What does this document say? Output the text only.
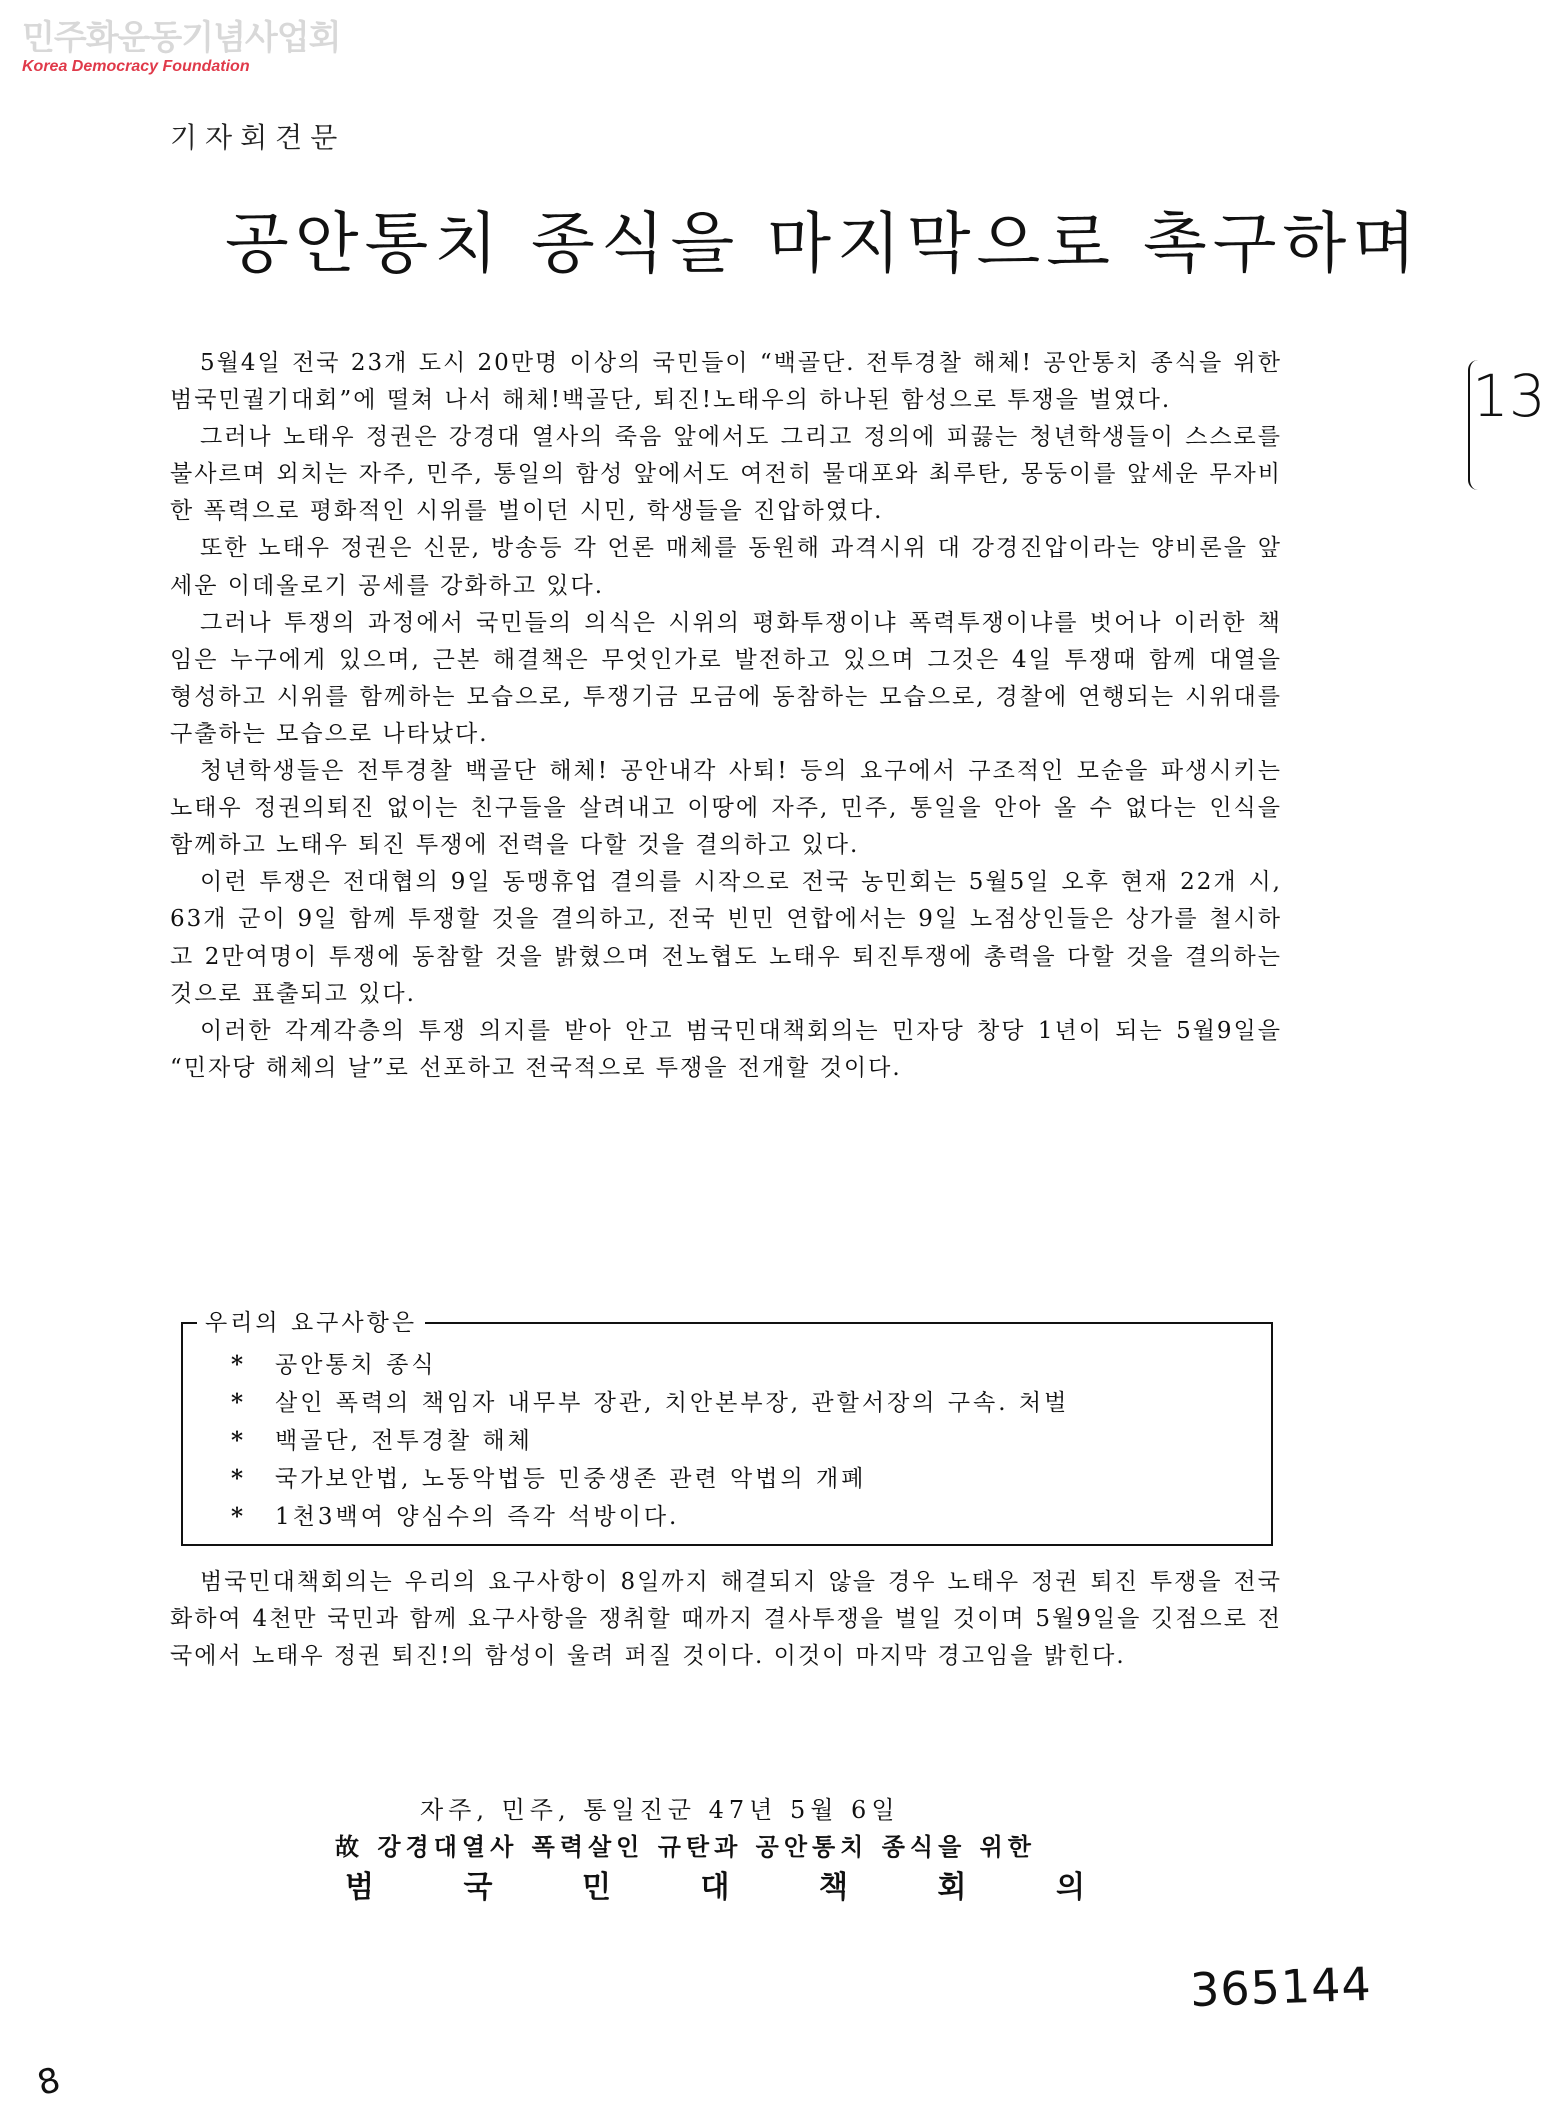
민주화운동기념사업회
Korea Democracy Foundation
기자회견문
공안통치 종식을 마지막으로 촉구하며

5월4일 전국 23개 도시 20만명 이상의 국민들이 “백골단. 전투경찰 해체! 공안통치 종식을 위한 범국민궐기대회”에 떨쳐 나서 해체!백골단, 퇴진!노태우의 하나된 함성으로 투쟁을 벌였다.

그러나 노태우 정권은 강경대 열사의 죽음 앞에서도 그리고 정의에 피끓는 청년학생들이 스스로를 불사르며 외치는 자주, 민주, 통일의 함성 앞에서도 여전히 물대포와 최루탄, 몽둥이를 앞세운 무자비한 폭력으로 평화적인 시위를 벌이던 시민, 학생들을 진압하였다.

또한 노태우 정권은 신문, 방송등 각 언론 매체를 동원해 과격시위 대 강경진압이라는 양비론을 앞세운 이데올로기 공세를 강화하고 있다.

그러나 투쟁의 과정에서 국민들의 의식은 시위의 평화투쟁이냐 폭력투쟁이냐를 벗어나 이러한 책임은 누구에게 있으며, 근본 해결책은 무엇인가로 발전하고 있으며 그것은 4일 투쟁때 함께 대열을 형성하고 시위를 함께하는 모습으로, 투쟁기금 모금에 동참하는 모습으로, 경찰에 연행되는 시위대를 구출하는 모습으로 나타났다.

청년학생들은 전투경찰 백골단 해체! 공안내각 사퇴! 등의 요구에서 구조적인 모순을 파생시키는 노태우 정권의퇴진 없이는 친구들을 살려내고 이땅에 자주, 민주, 통일을 안아 올 수 없다는 인식을 함께하고 노태우 퇴진 투쟁에 전력을 다할 것을 결의하고 있다.

이런 투쟁은 전대협의 9일 동맹휴업 결의를 시작으로 전국 농민회는 5월5일 오후 현재 22개 시, 63개 군이 9일 함께 투쟁할 것을 결의하고, 전국 빈민 연합에서는 9일 노점상인들은 상가를 철시하고 2만여명이 투쟁에 동참할 것을 밝혔으며 전노협도 노태우 퇴진투쟁에 총력을 다할 것을 결의하는 것으로 표출되고 있다.

이러한 각계각층의 투쟁 의지를 받아 안고 범국민대책회의는 민자당 창당 1년이 되는 5월9일을 “민자당 해체의 날”로 선포하고 전국적으로 투쟁을 전개할 것이다.

우리의 요구사항은
* 공안통치 종식
* 살인 폭력의 책임자 내무부 장관, 치안본부장, 관할서장의 구속. 처벌
* 백골단, 전투경찰 해체
* 국가보안법, 노동악법등 민중생존 관련 악법의 개폐
* 1천3백여 양심수의 즉각 석방이다.

범국민대책회의는 우리의 요구사항이 8일까지 해결되지 않을 경우 노태우 정권 퇴진 투쟁을 전국화하여 4천만 국민과 함께 요구사항을 쟁취할 때까지 결사투쟁을 벌일 것이며 5월9일을 깃점으로 전국에서 노태우 정권 퇴진!의 함성이 울려 퍼질 것이다. 이것이 마지막 경고임을 밝힌다.

자주, 민주, 통일진군 47년 5월 6일
故 강경대열사 폭력살인 규탄과 공안통치 종식을 위한
범	국	민	대	책	회	의
13
365144
8
